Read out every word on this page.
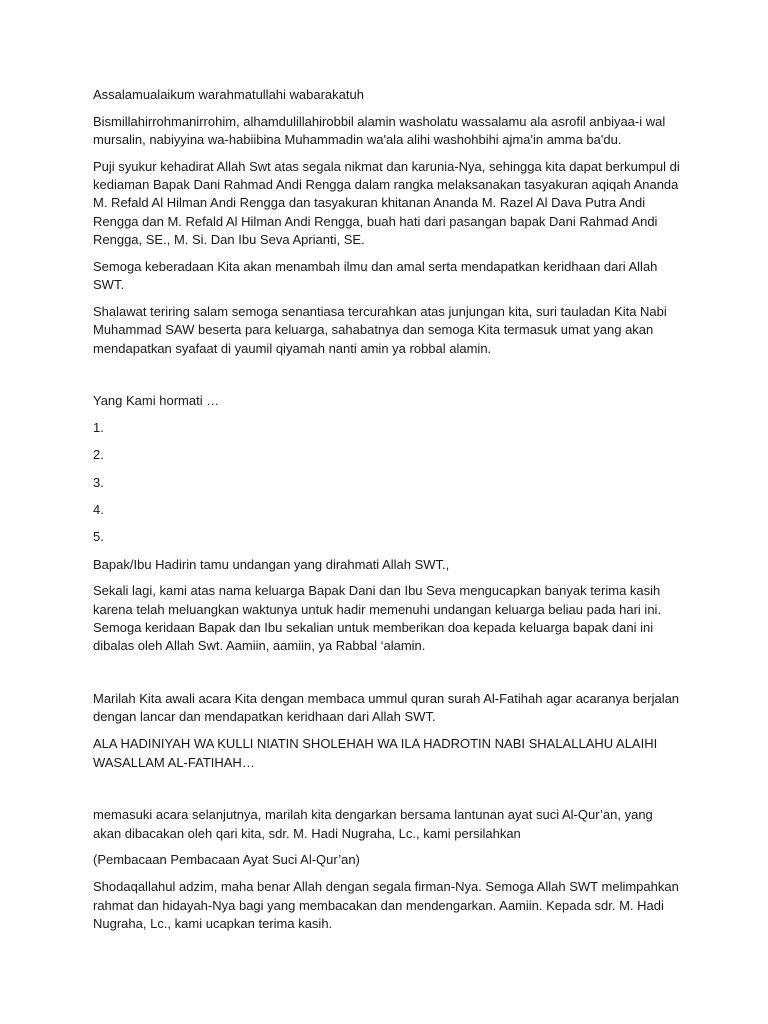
Assalamualaikum warahmatullahi wabarakatuh

Bismillahirrohmanirrohim, alhamdulillahirobbil alamin washolatu wassalamu ala asrofil anbiyaa-i wal mursalin, nabiyyina wa-habiibina Muhammadin wa'ala alihi washohbihi ajma'in amma ba'du.

Puji syukur kehadirat Allah Swt atas segala nikmat dan karunia-Nya, sehingga kita dapat berkumpul di kediaman Bapak Dani Rahmad Andi Rengga dalam rangka melaksanakan tasyakuran aqiqah Ananda M. Refald Al Hilman Andi Rengga dan tasyakuran khitanan Ananda M. Razel Al Dava Putra Andi Rengga dan M. Refald Al Hilman Andi Rengga, buah hati dari pasangan bapak Dani Rahmad Andi Rengga, SE., M. Si. Dan Ibu Seva Aprianti, SE.

Semoga keberadaan Kita akan menambah ilmu dan amal serta mendapatkan keridhaan dari Allah SWT.

Shalawat teriring salam semoga senantiasa tercurahkan atas junjungan kita, suri tauladan Kita Nabi Muhammad SAW beserta para keluarga, sahabatnya dan semoga Kita termasuk umat yang akan mendapatkan syafaat di yaumil qiyamah nanti amin ya robbal alamin.

Yang Kami hormati …

1.

2.

3.

4.

5.

Bapak/Ibu Hadirin tamu undangan yang dirahmati Allah SWT.,

Sekali lagi, kami atas nama keluarga Bapak Dani dan Ibu Seva mengucapkan banyak terima kasih karena telah meluangkan waktunya untuk hadir memenuhi undangan keluarga beliau pada hari ini. Semoga keridaan Bapak dan Ibu sekalian untuk memberikan doa kepada keluarga bapak dani ini dibalas oleh Allah Swt. Aamiin, aamiin, ya Rabbal ‘alamin.

Marilah Kita awali acara Kita dengan membaca ummul quran surah Al-Fatihah agar acaranya berjalan dengan lancar dan mendapatkan keridhaan dari Allah SWT.

ALA HADINIYAH WA KULLI NIATIN SHOLEHAH WA ILA HADROTIN NABI SHALALLAHU ALAIHI WASALLAM AL-FATIHAH…

memasuki acara selanjutnya, marilah kita dengarkan bersama lantunan ayat suci Al-Qur’an, yang akan dibacakan oleh qari kita, sdr. M. Hadi Nugraha, Lc., kami persilahkan

(Pembacaan Pembacaan Ayat Suci Al-Qur’an)

Shodaqallahul adzim, maha benar Allah dengan segala firman-Nya. Semoga Allah SWT melimpahkan rahmat dan hidayah-Nya bagi yang membacakan dan mendengarkan. Aamiin. Kepada sdr. M. Hadi Nugraha, Lc., kami ucapkan terima kasih.
